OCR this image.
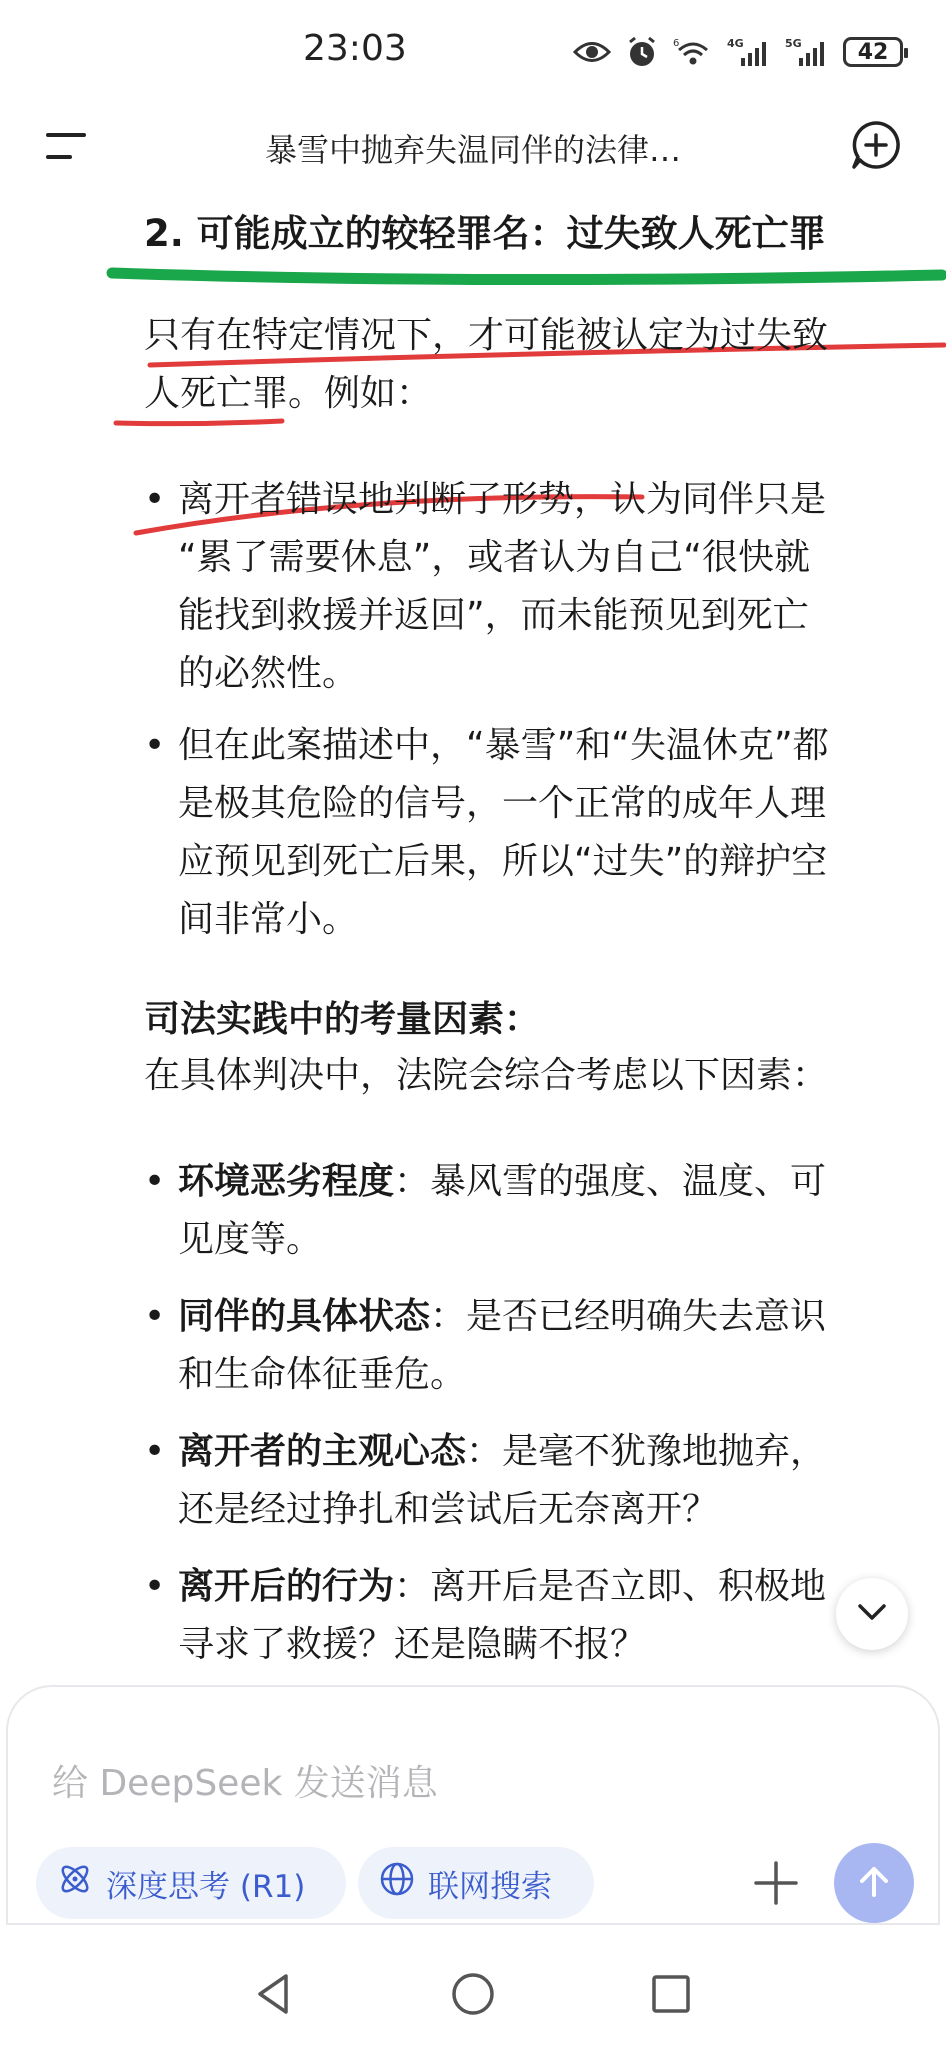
23:03	6	4G	5G	42
暴雪中抛弃失温同伴的法律…
2. 可能成立的较轻罪名：过失致人死亡罪
只有在特定情况下，才可能被认定为过失致
人死亡罪。例如：
• 离开者错误地判断了形势，认为同伴只是
“累了需要休息”，或者认为自己“很快就
能找到救援并返回”，而未能预见到死亡
的必然性。
• 但在此案描述中，“暴雪”和“失温休克”都
是极其危险的信号，一个正常的成年人理
应预见到死亡后果，所以“过失”的辩护空
间非常小。
司法实践中的考量因素：
在具体判决中，法院会综合考虑以下因素：
• 环境恶劣程度：暴风雪的强度、温度、可
见度等。
• 同伴的具体状态：是否已经明确失去意识
和生命体征垂危。
• 离开者的主观心态：是毫不犹豫地抛弃，
还是经过挣扎和尝试后无奈离开？
• 离开后的行为：离开后是否立即、积极地
寻求了救援？还是隐瞒不报？
给 DeepSeek 发送消息
深度思考 (R1)	联网搜索
